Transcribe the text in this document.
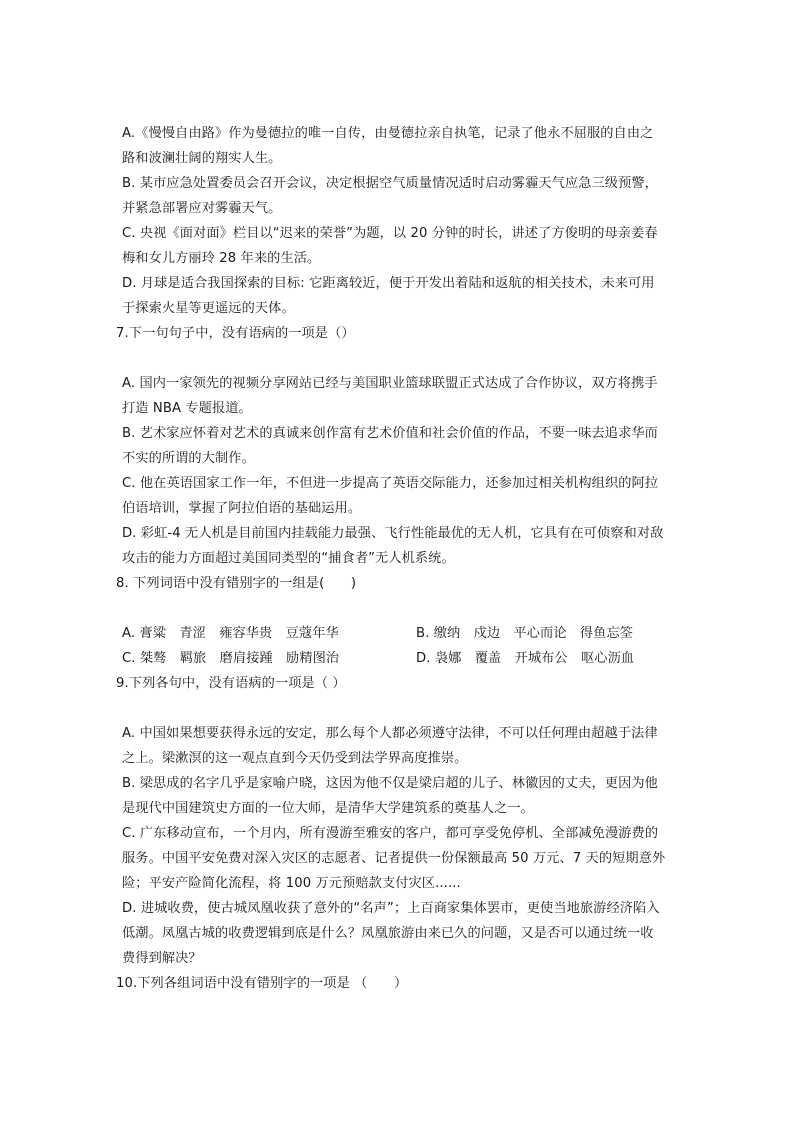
A.《慢慢自由路》作为曼德拉的唯一自传，由曼德拉亲自执笔，记录了他永不屈服的自由之
路和波澜壮阔的翔实人生。
B. 某市应急处置委员会召开会议，决定根据空气质量情况适时启动雾霾天气应急三级预警，
并紧急部署应对雾霾天气。
C. 央视《面对面》栏目以“迟来的荣誉”为题，以 20 分钟的时长，讲述了方俊明的母亲姜春
梅和女儿方丽玲 28 年来的生活。
D. 月球是适合我国探索的目标: 它距离较近，便于开发出着陆和返航的相关技术，未来可用
于探索火星等更遥远的天体。
7.下一句句子中，没有语病的一项是（）
A. 国内一家领先的视频分享网站已经与美国职业篮球联盟正式达成了合作协议，双方将携手
打造 NBA 专题报道。
B. 艺术家应怀着对艺术的真诚来创作富有艺术价值和社会价值的作品，不要一味去追求华而
不实的所谓的大制作。
C. 他在英语国家工作一年，不但进一步提高了英语交际能力，还参加过相关机构组织的阿拉
伯语培训，掌握了阿拉伯语的基础运用。
D. 彩虹-4 无人机是目前国内挂载能力最强、飞行性能最优的无人机，它具有在可侦察和对敌
攻击的能力方面超过美国同类型的“捕食者”无人机系统。
8. 下列词语中没有错别字的一组是(　　)
A. 膏粱　青涩　雍容华贵　豆蔻年华	B. 缴纳　戍边　平心而论　得鱼忘筌
C. 桀骜　羁旅　磨肩接踵　励精图治	D. 袅娜　覆盖　开城布公　呕心沥血
9.下列各句中，没有语病的一项是（ ）
A. 中国如果想要获得永远的安定，那么每个人都必须遵守法律，不可以任何理由超越于法律
之上。梁漱溟的这一观点直到今天仍受到法学界高度推崇。
B. 梁思成的名字几乎是家喻户晓，这因为他不仅是梁启超的儿子、林徽因的丈夫，更因为他
是现代中国建筑史方面的一位大师，是清华大学建筑系的奠基人之一。
C. 广东移动宣布，一个月内，所有漫游至雅安的客户，都可享受免停机、全部减免漫游费的
服务。中国平安免费对深入灾区的志愿者、记者提供一份保额最高 50 万元、7 天的短期意外
险；平安产险简化流程，将 100 万元预赔款支付灾区......
D. 进城收费，使古城凤凰收获了意外的“名声”；上百商家集体罢市，更使当地旅游经济陷入
低潮。凤凰古城的收费逻辑到底是什么？凤凰旅游由来已久的问题，又是否可以通过统一收
费得到解决？
10.下列各组词语中没有错别字的一项是 （　　）
